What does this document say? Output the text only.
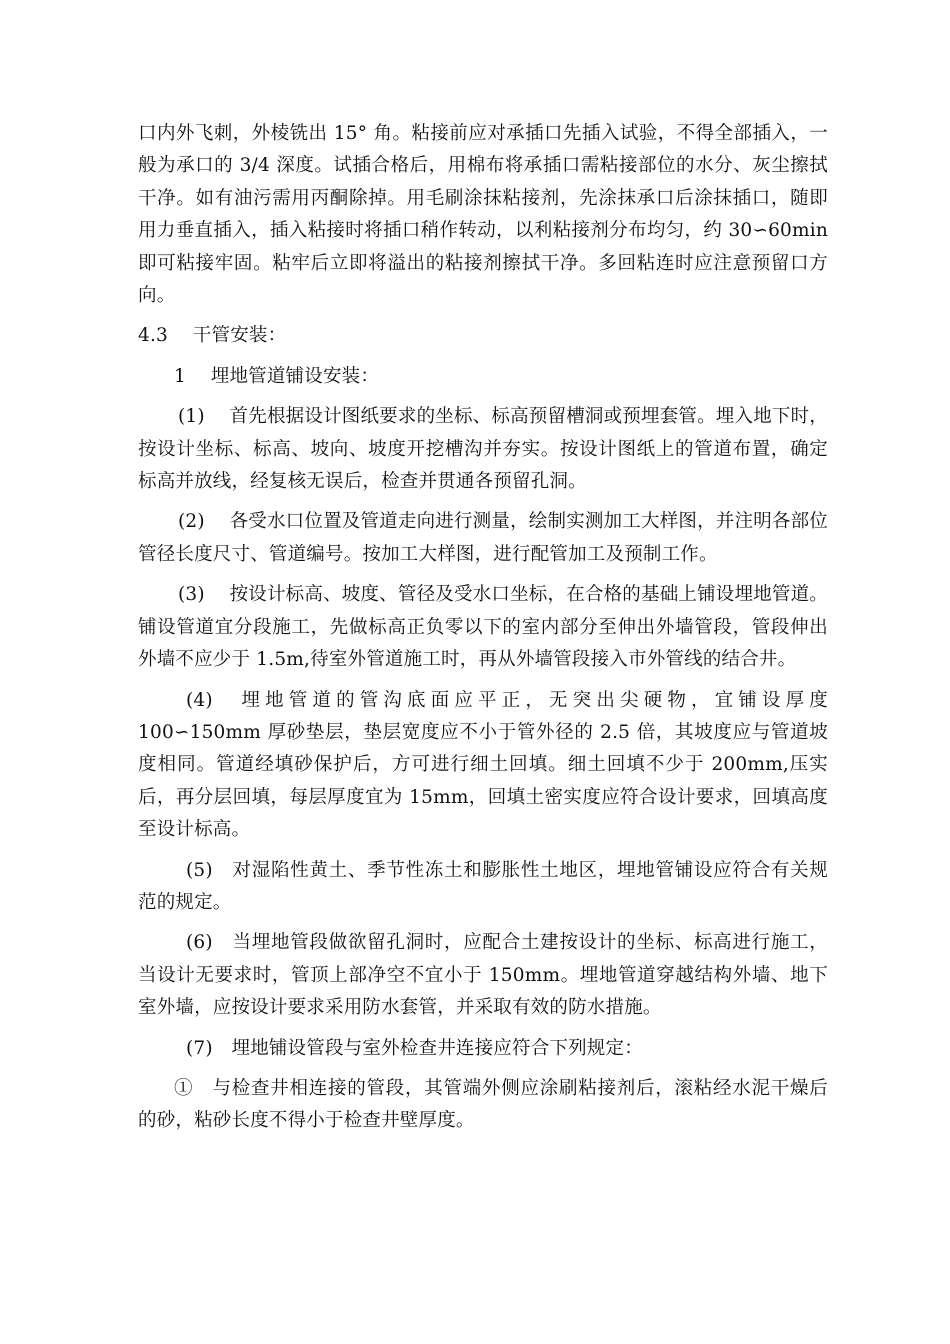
口内外飞刺，外棱铣出 15° 角。粘接前应对承插口先插入试验，不得全部插入，一般为承口的 3/4 深度。试插合格后，用棉布将承插口需粘接部位的水分、灰尘擦拭干净。如有油污需用丙酮除掉。用毛刷涂抹粘接剂，先涂抹承口后涂抹插口，随即用力垂直插入，插入粘接时将插口稍作转动，以利粘接剂分布均匀，约 30∽60min 即可粘接牢固。粘牢后立即将溢出的粘接剂擦拭干净。多回粘连时应注意预留口方向。

4.3　 干管安装：

1　 埋地管道铺设安装：

(1)　 首先根据设计图纸要求的坐标、标高预留槽洞或预埋套管。埋入地下时，按设计坐标、标高、坡向、坡度开挖槽沟并夯实。按设计图纸上的管道布置，确定标高并放线，经复核无误后，检查并贯通各预留孔洞。

(2)　 各受水口位置及管道走向进行测量，绘制实测加工大样图，并注明各部位管径长度尺寸、管道编号。按加工大样图，进行配管加工及预制工作。

(3)　 按设计标高、坡度、管径及受水口坐标，在合格的基础上铺设埋地管道。铺设管道宜分段施工，先做标高正负零以下的室内部分至伸出外墙管段，管段伸出外墙不应少于 1.5m,待室外管道施工时，再从外墙管段接入市外管线的结合井。

(4)　埋地管道的管沟底面应平正，无突出尖硬物，宜铺设厚度 100∽150mm 厚砂垫层，垫层宽度应不小于管外径的 2.5 倍，其坡度应与管道坡度相同。管道经填砂保护后，方可进行细土回填。细土回填不少于 200mm,压实后，再分层回填，每层厚度宜为 15mm，回填土密实度应符合设计要求，回填高度至设计标高。

(5)　对湿陷性黄土、季节性冻土和膨胀性土地区，埋地管铺设应符合有关规范的规定。

(6)　当埋地管段做欲留孔洞时，应配合土建按设计的坐标、标高进行施工，当设计无要求时，管顶上部净空不宜小于 150mm。埋地管道穿越结构外墙、地下室外墙，应按设计要求采用防水套管，并采取有效的防水措施。

(7)　埋地铺设管段与室外检查井连接应符合下列规定：

①　与检查井相连接的管段，其管端外侧应涂刷粘接剂后，滚粘经水泥干燥后的砂，粘砂长度不得小于检查井壁厚度。
